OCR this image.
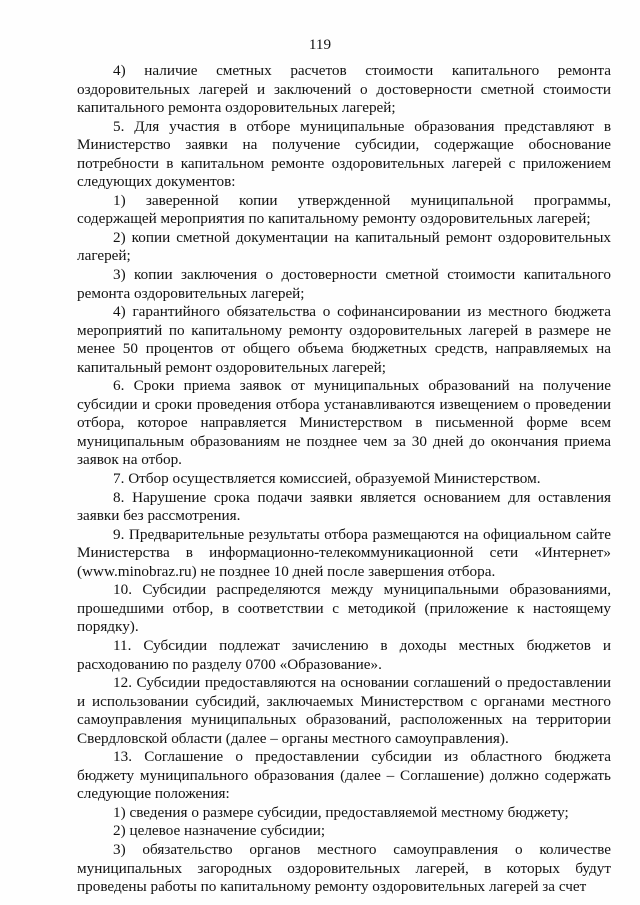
119

4) наличие сметных расчетов стоимости капитального ремонта оздоровительных лагерей и заключений о достоверности сметной стоимости капитального ремонта оздоровительных лагерей;

5. Для участия в отборе муниципальные образования представляют в Министерство заявки на получение субсидии, содержащие обоснование потребности в капитальном ремонте оздоровительных лагерей с приложением следующих документов:

1) заверенной копии утвержденной муниципальной программы, содержащей мероприятия по капитальному ремонту оздоровительных лагерей;

2) копии сметной документации на капитальный ремонт оздоровительных лагерей;

3) копии заключения о достоверности сметной стоимости капитального ремонта оздоровительных лагерей;

4) гарантийного обязательства о софинансировании из местного бюджета мероприятий по капитальному ремонту оздоровительных лагерей в размере не менее 50 процентов от общего объема бюджетных средств, направляемых на капитальный ремонт оздоровительных лагерей;

6. Сроки приема заявок от муниципальных образований на получение субсидии и сроки проведения отбора устанавливаются извещением о проведении отбора, которое направляется Министерством в письменной форме всем муниципальным образованиям не позднее чем за 30 дней до окончания приема заявок на отбор.

7. Отбор осуществляется комиссией, образуемой Министерством.

8. Нарушение срока подачи заявки является основанием для оставления заявки без рассмотрения.

9. Предварительные результаты отбора размещаются на официальном сайте Министерства в информационно-телекоммуникационной сети «Интернет» (www.minobraz.ru) не позднее 10 дней после завершения отбора.

10. Субсидии распределяются между муниципальными образованиями, прошедшими отбор, в соответствии с методикой (приложение к настоящему порядку).

11. Субсидии подлежат зачислению в доходы местных бюджетов и расходованию по разделу 0700 «Образование».

12. Субсидии предоставляются на основании соглашений о предоставлении и использовании субсидий, заключаемых Министерством с органами местного самоуправления муниципальных образований, расположенных на территории Свердловской области (далее – органы местного самоуправления).

13. Соглашение о предоставлении субсидии из областного бюджета бюджету муниципального образования (далее – Соглашение) должно содержать следующие положения:

1) сведения о размере субсидии, предоставляемой местному бюджету;

2) целевое назначение субсидии;

3) обязательство органов местного самоуправления о количестве муниципальных загородных оздоровительных лагерей, в которых будут проведены работы по капитальному ремонту оздоровительных лагерей за счет
